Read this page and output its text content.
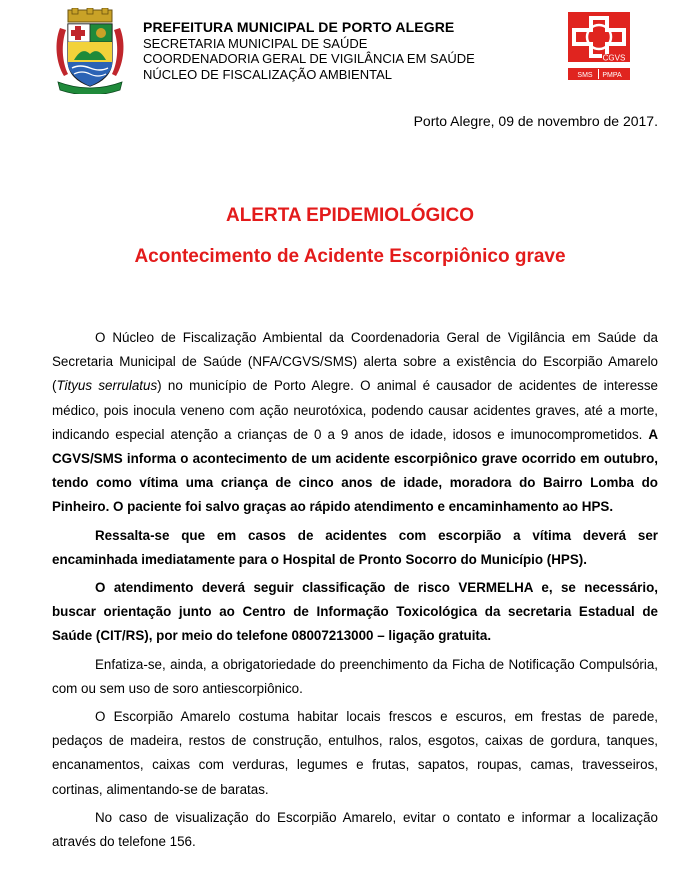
PREFEITURA MUNICIPAL DE PORTO ALEGRE
SECRETARIA MUNICIPAL DE SAÚDE
COORDENADORIA GERAL DE VIGILÂNCIA EM SAÚDE
NÚCLEO DE FISCALIZAÇÃO AMBIENTAL
CGVS
SMS PMPA
Porto Alegre, 09 de novembro de 2017.
ALERTA EPIDEMIOLÓGICO
Acontecimento de Acidente Escorpiônico grave

O Núcleo de Fiscalização Ambiental da Coordenadoria Geral de Vigilância em Saúde da Secretaria Municipal de Saúde (NFA/CGVS/SMS) alerta sobre a existência do Escorpião Amarelo (Tityus serrulatus) no município de Porto Alegre. O animal é causador de acidentes de interesse médico, pois inocula veneno com ação neurotóxica, podendo causar acidentes graves, até a morte, indicando especial atenção a crianças de 0 a 9 anos de idade, idosos e imunocomprometidos. A CGVS/SMS informa o acontecimento de um acidente escorpiônico grave ocorrido em outubro, tendo como vítima uma criança de cinco anos de idade, moradora do Bairro Lomba do Pinheiro. O paciente foi salvo graças ao rápido atendimento e encaminhamento ao HPS.

Ressalta-se que em casos de acidentes com escorpião a vítima deverá ser encaminhada imediatamente para o Hospital de Pronto Socorro do Município (HPS).

O atendimento deverá seguir classificação de risco VERMELHA e, se necessário, buscar orientação junto ao Centro de Informação Toxicológica da secretaria Estadual de Saúde (CIT/RS), por meio do telefone 08007213000 – ligação gratuita.

Enfatiza-se, ainda, a obrigatoriedade do preenchimento da Ficha de Notificação Compulsória, com ou sem uso de soro antiescorpiônico.

O Escorpião Amarelo costuma habitar locais frescos e escuros, em frestas de parede, pedaços de madeira, restos de construção, entulhos, ralos, esgotos, caixas de gordura, tanques, encanamentos, caixas com verduras, legumes e frutas, sapatos, roupas, camas, travesseiros, cortinas, alimentando-se de baratas.

No caso de visualização do Escorpião Amarelo, evitar o contato e informar a localização através do telefone 156.
